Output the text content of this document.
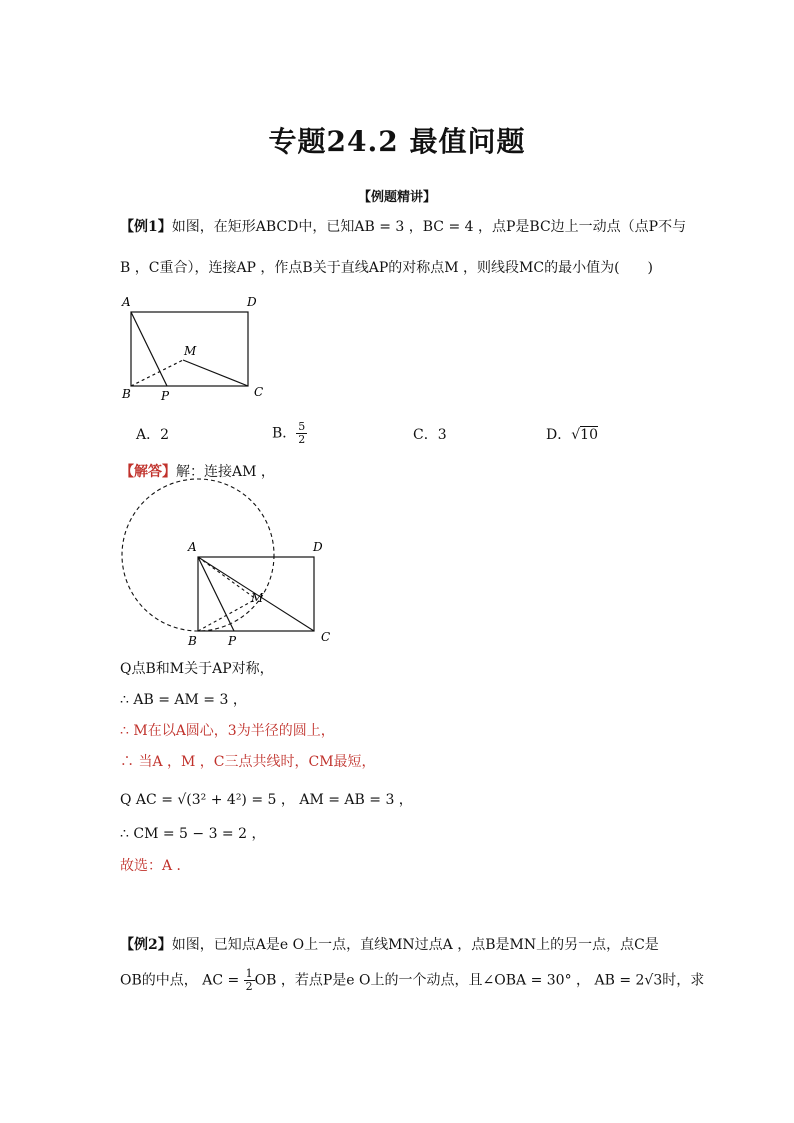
专题24.2 最值问题
【例题精讲】
【例1】如图，在矩形ABCD中，已知AB = 3 ，BC = 4 ，点P是BC边上一动点（点P不与
B ，C重合），连接AP ，作点B关于直线AP的对称点M ，则线段MC的最小值为(　　)
A	D
B	C
M
P
A．2	B． $\frac{5}{2}$	C．3	D．√10
【解答】解：连接AM ，
A	D
B	C
M
P
Q点B和M关于AP对称，
∴ AB = AM = 3 ，
∴ M在以A圆心，3为半径的圆上，
∴ 当A ，M ，C三点共线时，CM最短，
Q AC = √(3² + 4²) = 5 ， AM = AB = 3 ，
∴ CM = 5 − 3 = 2 ，
故选：A ．
【例2】如图，已知点A是e O上一点，直线MN过点A ，点B是MN上的另一点，点C是
OB的中点， AC = $\frac{1}{2}$ OB ，若点P是e O上的一个动点，且∠OBA = 30° ， AB = 2√3时，求
